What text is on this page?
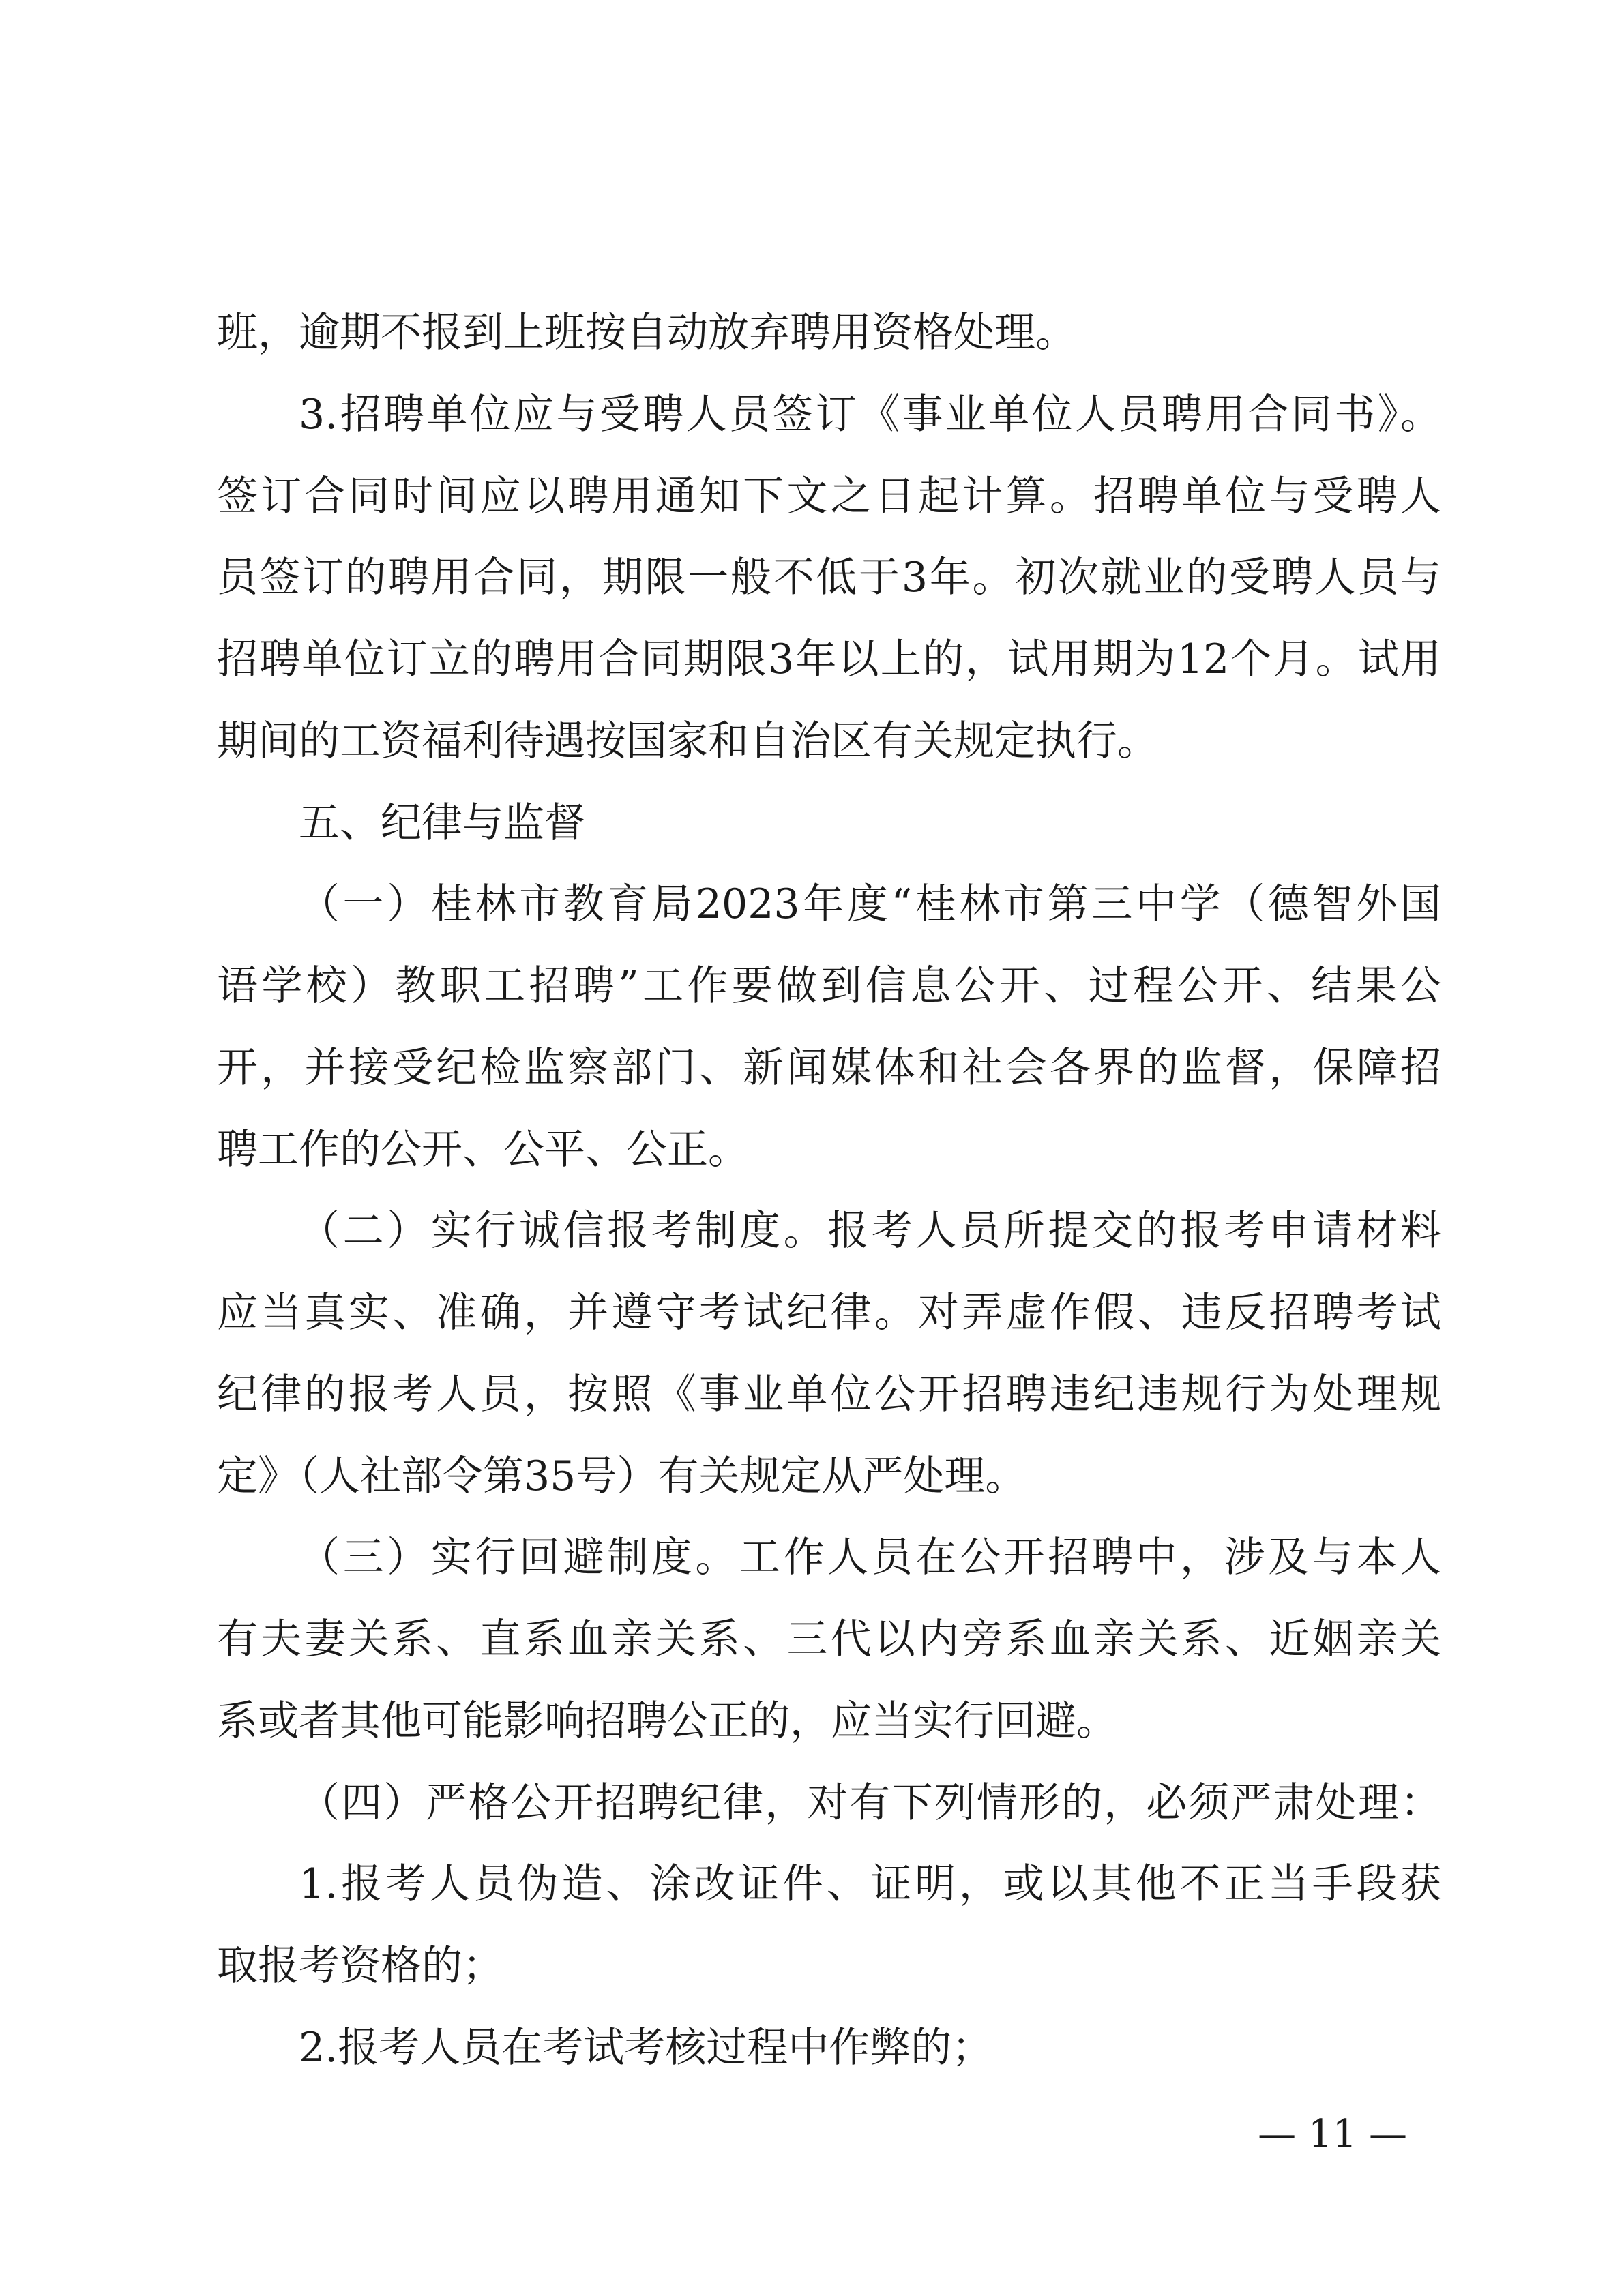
班，逾期不报到上班按自动放弃聘用资格处理。
3.招聘单位应与受聘人员签订《事业单位人员聘用合同书》。
签订合同时间应以聘用通知下文之日起计算。招聘单位与受聘人
员签订的聘用合同，期限一般不低于3年。初次就业的受聘人员与
招聘单位订立的聘用合同期限3年以上的，试用期为12个月。试用
期间的工资福利待遇按国家和自治区有关规定执行。
五、纪律与监督
（一）桂林市教育局2023年度“桂林市第三中学（德智外国
语学校）教职工招聘”工作要做到信息公开、过程公开、结果公
开，并接受纪检监察部门、新闻媒体和社会各界的监督，保障招
聘工作的公开、公平、公正。
（二）实行诚信报考制度。报考人员所提交的报考申请材料
应当真实、准确，并遵守考试纪律。对弄虚作假、违反招聘考试
纪律的报考人员，按照《事业单位公开招聘违纪违规行为处理规
定》（人社部令第35号）有关规定从严处理。
（三）实行回避制度。工作人员在公开招聘中，涉及与本人
有夫妻关系、直系血亲关系、三代以内旁系血亲关系、近姻亲关
系或者其他可能影响招聘公正的，应当实行回避。
（四）严格公开招聘纪律，对有下列情形的，必须严肃处理：
1.报考人员伪造、涂改证件、证明，或以其他不正当手段获
取报考资格的；
2.报考人员在考试考核过程中作弊的；
— 11 —
